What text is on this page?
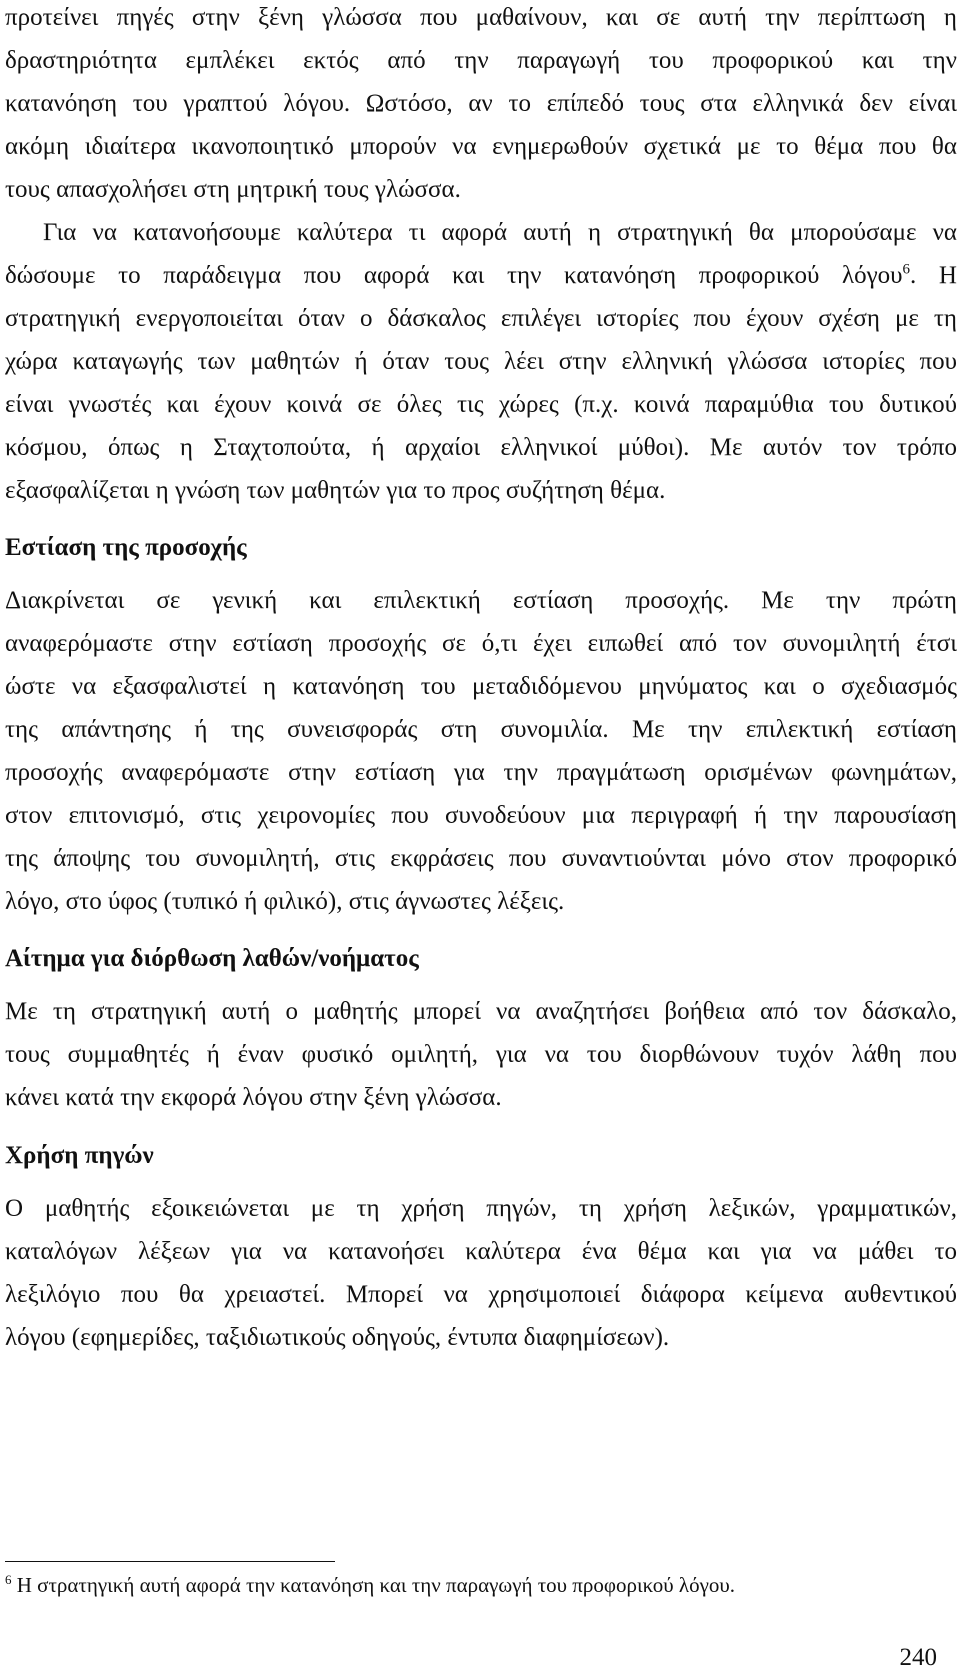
προτείνει πηγές στην ξένη γλώσσα που μαθαίνουν, και σε αυτή την περίπτωση η
δραστηριότητα εμπλέκει εκτός από την παραγωγή του προφορικού και την
κατανόηση του γραπτού λόγου. Ωστόσο, αν το επίπεδό τους στα ελληνικά δεν είναι
ακόμη ιδιαίτερα ικανοποιητικό μπορούν να ενημερωθούν σχετικά με το θέμα που θα
τους απασχολήσει στη μητρική τους γλώσσα.
Για να κατανοήσουμε καλύτερα τι αφορά αυτή η στρατηγική θα μπορούσαμε να
δώσουμε το παράδειγμα που αφορά και την κατανόηση προφορικού λόγου$^6$. Η
στρατηγική ενεργοποιείται όταν ο δάσκαλος επιλέγει ιστορίες που έχουν σχέση με τη
χώρα καταγωγής των μαθητών ή όταν τους λέει στην ελληνική γλώσσα ιστορίες που
είναι γνωστές και έχουν κοινά σε όλες τις χώρες (π.χ. κοινά παραμύθια του δυτικού
κόσμου, όπως η Σταχτοπούτα, ή αρχαίοι ελληνικοί μύθοι). Με αυτόν τον τρόπο
εξασφαλίζεται η γνώση των μαθητών για το προς συζήτηση θέμα.
Εστίαση της προσοχής
Διακρίνεται σε γενική και επιλεκτική εστίαση προσοχής. Με την πρώτη
αναφερόμαστε στην εστίαση προσοχής σε ό,τι έχει ειπωθεί από τον συνομιλητή έτσι
ώστε να εξασφαλιστεί η κατανόηση του μεταδιδόμενου μηνύματος και ο σχεδιασμός
της απάντησης ή της συνεισφοράς στη συνομιλία. Με την επιλεκτική εστίαση
προσοχής αναφερόμαστε στην εστίαση για την πραγμάτωση ορισμένων φωνημάτων,
στον επιτονισμό, στις χειρονομίες που συνοδεύουν μια περιγραφή ή την παρουσίαση
της άποψης του συνομιλητή, στις εκφράσεις που συναντιούνται μόνο στον προφορικό
λόγο, στο ύφος (τυπικό ή φιλικό), στις άγνωστες λέξεις.
Αίτημα για διόρθωση λαθών/νοήματος
Με τη στρατηγική αυτή ο μαθητής μπορεί να αναζητήσει βοήθεια από τον δάσκαλο,
τους συμμαθητές ή έναν φυσικό ομιλητή, για να του διορθώνουν τυχόν λάθη που
κάνει κατά την εκφορά λόγου στην ξένη γλώσσα.
Χρήση πηγών
Ο μαθητής εξοικειώνεται με τη χρήση πηγών, τη χρήση λεξικών, γραμματικών,
καταλόγων λέξεων για να κατανοήσει καλύτερα ένα θέμα και για να μάθει το
λεξιλόγιο που θα χρειαστεί. Μπορεί να χρησιμοποιεί διάφορα κείμενα αυθεντικού
λόγου (εφημερίδες, ταξιδιωτικούς οδηγούς, έντυπα διαφημίσεων).
$^6$ Η στρατηγική αυτή αφορά την κατανόηση και την παραγωγή του προφορικού λόγου.
240
